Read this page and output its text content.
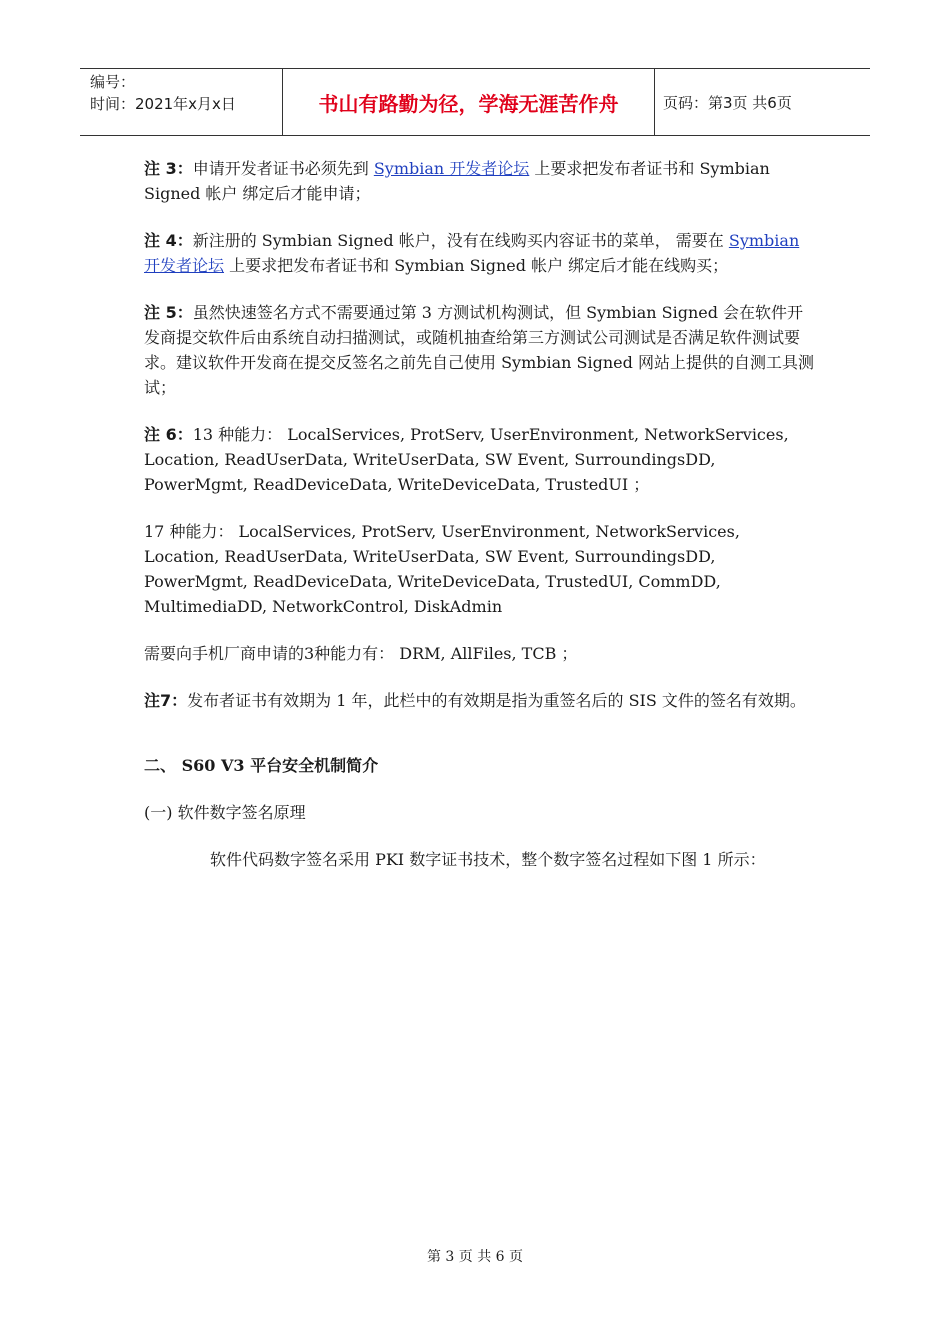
编号：
时间：2021年x月x日	书山有路勤为径，学海无涯苦作舟	页码：第3页 共6页

注 3：申请开发者证书必须先到 Symbian 开发者论坛 上要求把发布者证书和 Symbian Signed 帐户 绑定后才能申请；

注 4：新注册的 Symbian Signed 帐户，没有在线购买内容证书的菜单， 需要在 Symbian 开发者论坛 上要求把发布者证书和 Symbian Signed 帐户 绑定后才能在线购买；

注 5：虽然快速签名方式不需要通过第 3 方测试机构测试，但 Symbian Signed 会在软件开发商提交软件后由系统自动扫描测试，或随机抽查给第三方测试公司测试是否满足软件测试要求。建议软件开发商在提交反签名之前先自己使用 Symbian Signed 网站上提供的自测工具测试；

注 6：13 种能力： LocalServices, ProtServ, UserEnvironment, NetworkServices, Location, ReadUserData, WriteUserData, SW Event, SurroundingsDD, PowerMgmt, ReadDeviceData, WriteDeviceData, TrustedUI ；

17 种能力： LocalServices, ProtServ, UserEnvironment, NetworkServices, Location, ReadUserData, WriteUserData, SW Event, SurroundingsDD, PowerMgmt, ReadDeviceData, WriteDeviceData, TrustedUI, CommDD, MultimediaDD, NetworkControl, DiskAdmin

需要向手机厂商申请的3种能力有： DRM, AllFiles, TCB ；

注7：发布者证书有效期为 1 年，此栏中的有效期是指为重签名后的 SIS 文件的签名有效期。

二、 S60 V3 平台安全机制简介

(一) 软件数字签名原理

软件代码数字签名采用 PKI 数字证书技术，整个数字签名过程如下图 1 所示：

第 3 页 共 6 页
